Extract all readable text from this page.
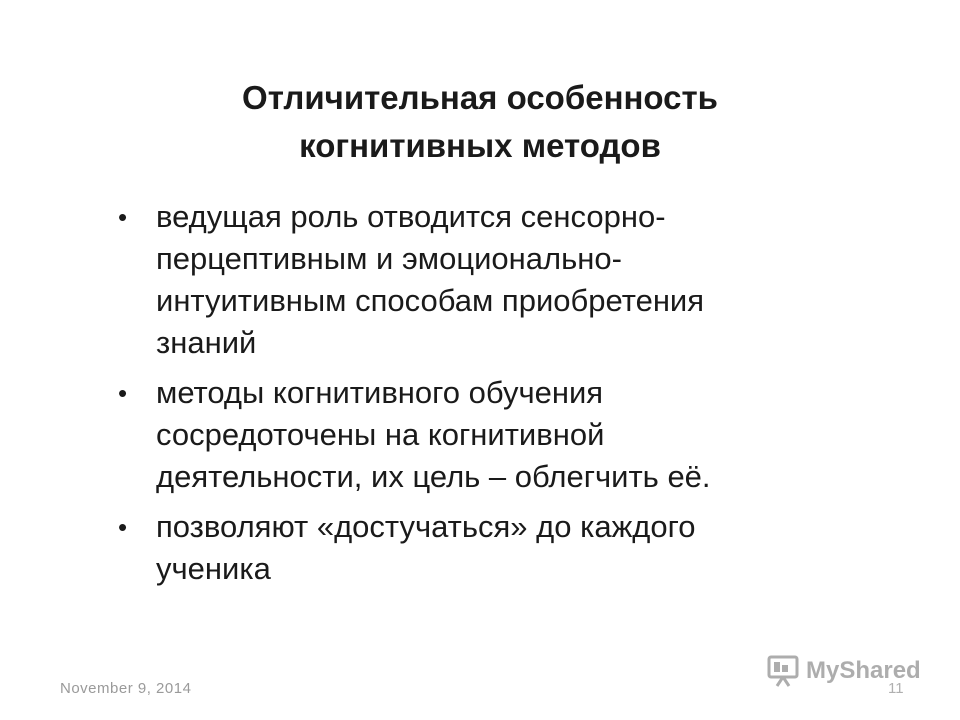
Отличительная особенность
когнитивных методов
• ведущая роль отводится сенсорно-
перцептивным и эмоционально-
интуитивным способам приобретения
знаний
• методы когнитивного обучения
сосредоточены на когнитивной
деятельности, их цель – облегчить её.
• позволяют «достучаться» до каждого
ученика
November 9, 2014
MyShared
11
